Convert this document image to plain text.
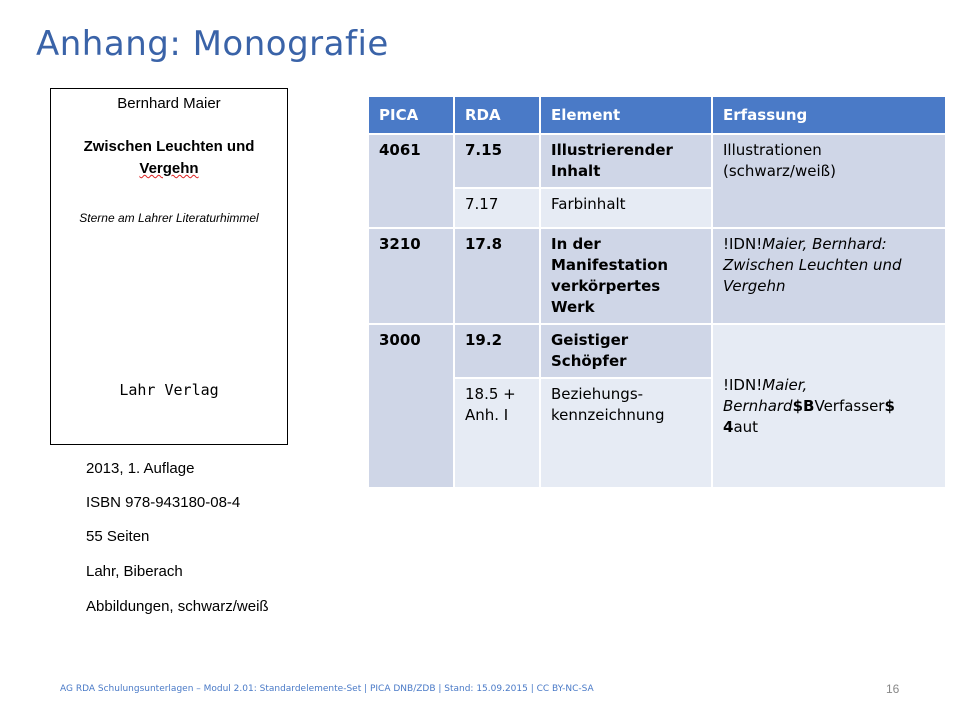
Anhang: Monografie
Bernhard Maier
Zwischen Leuchten und
Vergehn
Sterne am Lahrer Literaturhimmel
Lahr Verlag
2013, 1. Auflage
ISBN 978-943180-08-4
55 Seiten
Lahr, Biberach
Abbildungen, schwarz/weiß
PICA	RDA	Element	Erfassung
4061	7.15	Illustrierender Inhalt	Illustrationen (schwarz/weiß)
	7.17	Farbinhalt	
3210	17.8	In der Manifestation verkörpertes Werk	!IDN!Maier, Bernhard: Zwischen Leuchten und Vergehn
3000	19.2	Geistiger Schöpfer	!IDN!Maier, Bernhard$BVerfasser$ 4aut
	18.5 + Anh. I	Beziehungs-kennzeichnung	
AG RDA Schulungsunterlagen – Modul 2.01: Standardelemente-Set | PICA DNB/ZDB | Stand: 15.09.2015 | CC BY-NC-SA	16
